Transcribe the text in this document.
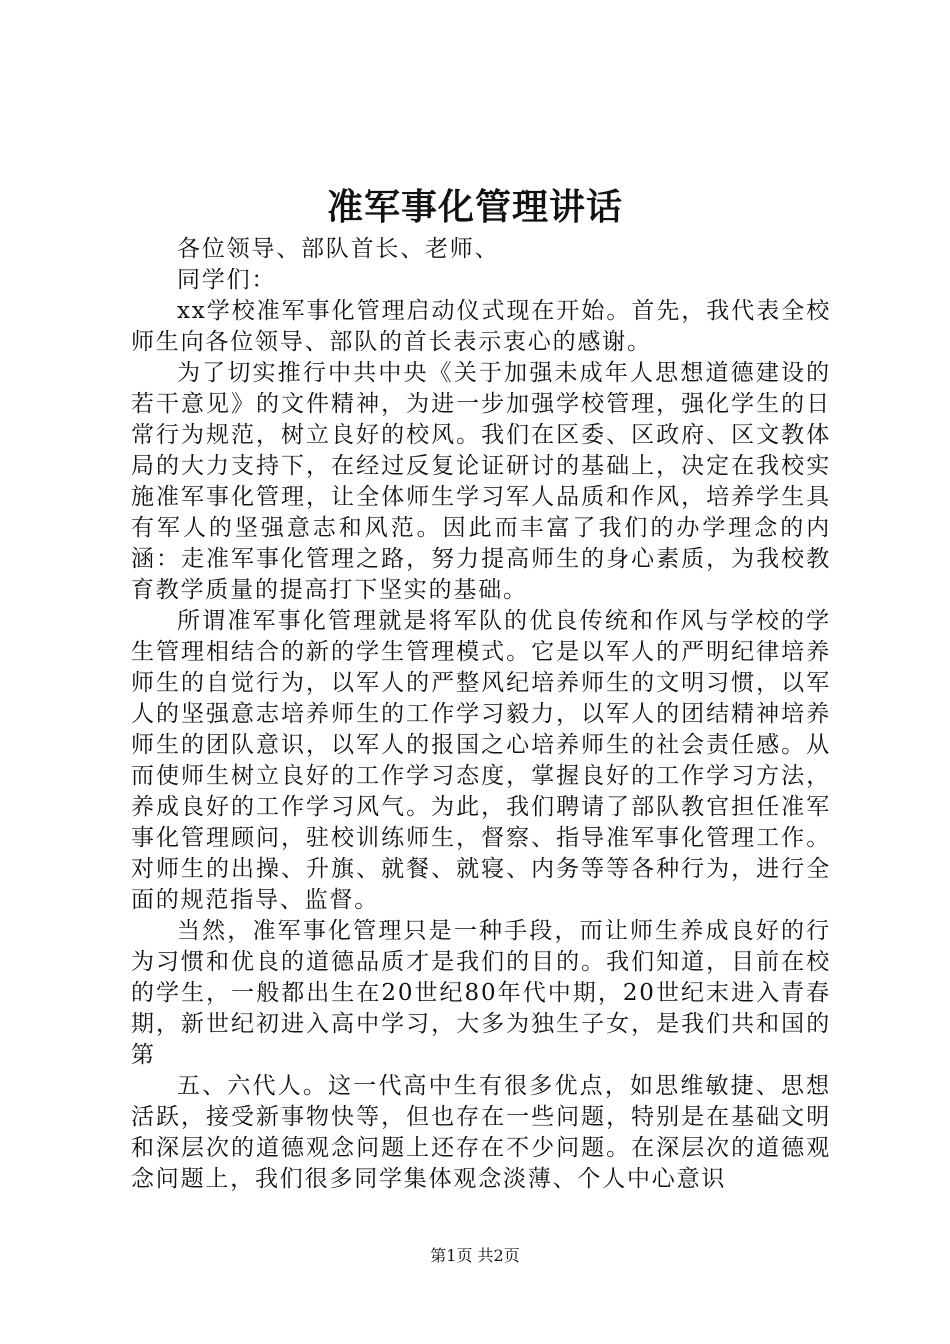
准军事化管理讲话

各位领导、部队首长、老师、

同学们：

xx学校准军事化管理启动仪式现在开始。首先，我代表全校师生向各位领导、部队的首长表示衷心的感谢。

为了切实推行中共中央《关于加强未成年人思想道德建设的若干意见》的文件精神，为进一步加强学校管理，强化学生的日常行为规范，树立良好的校风。我们在区委、区政府、区文教体局的大力支持下，在经过反复论证研讨的基础上，决定在我校实施准军事化管理，让全体师生学习军人品质和作风，培养学生具有军人的坚强意志和风范。因此而丰富了我们的办学理念的内涵：走准军事化管理之路，努力提高师生的身心素质，为我校教育教学质量的提高打下坚实的基础。

所谓准军事化管理就是将军队的优良传统和作风与学校的学生管理相结合的新的学生管理模式。它是以军人的严明纪律培养师生的自觉行为，以军人的严整风纪培养师生的文明习惯，以军人的坚强意志培养师生的工作学习毅力，以军人的团结精神培养师生的团队意识，以军人的报国之心培养师生的社会责任感。从而使师生树立良好的工作学习态度，掌握良好的工作学习方法，养成良好的工作学习风气。为此，我们聘请了部队教官担任准军事化管理顾问，驻校训练师生，督察、指导准军事化管理工作。对师生的出操、升旗、就餐、就寝、内务等等各种行为，进行全面的规范指导、监督。

当然，准军事化管理只是一种手段，而让师生养成良好的行为习惯和优良的道德品质才是我们的目的。我们知道，目前在校的学生，一般都出生在20世纪80年代中期，20世纪末进入青春期，新世纪初进入高中学习，大多为独生子女，是我们共和国的第

五、六代人。这一代高中生有很多优点，如思维敏捷、思想活跃，接受新事物快等，但也存在一些问题，特别是在基础文明和深层次的道德观念问题上还存在不少问题。在深层次的道德观念问题上，我们很多同学集体观念淡薄、个人中心意识

第1页 共2页
